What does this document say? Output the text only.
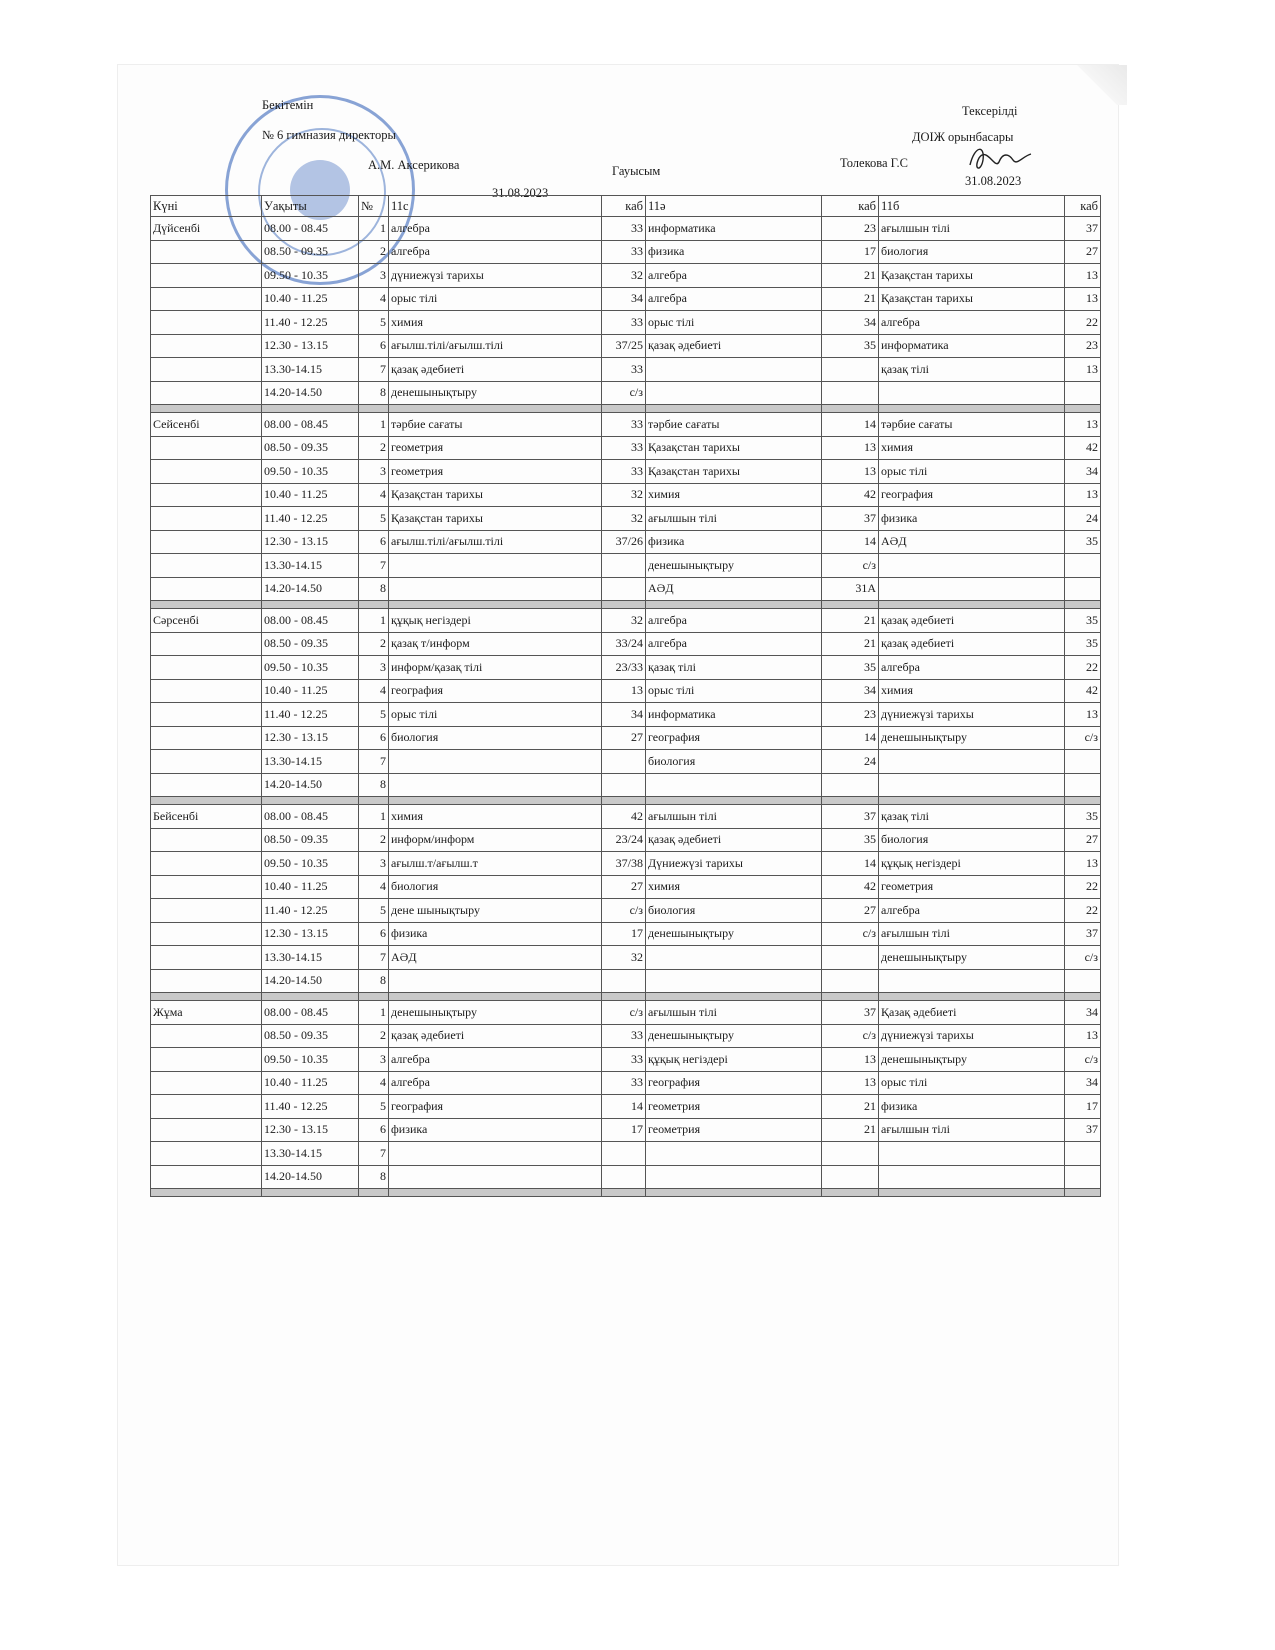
Бекітемін
№ 6 гимназия директоры
А.М. Аксерикова
31.08.2023
Гауысым
Тексерілді
ДОІЖ орынбасары
Толекова Г.С
31.08.2023
Күні	Уақыты	№	11с	каб	11ә	каб	11б	каб
Дүйсенбі	08.00 - 08.45	1	алгебра	33	информатика	23	ағылшын тілі	37
	08.50 - 09.35	2	алгебра	33	физика	17	биология	27
	09.50 - 10.35	3	дүниежүзі тарихы	32	алгебра	21	Қазақстан тарихы	13
	10.40 - 11.25	4	орыс тілі	34	алгебра	21	Қазақстан тарихы	13
	11.40 - 12.25	5	химия	33	орыс тілі	34	алгебра	22
	12.30 - 13.15	6	ағылш.тілі/ағылш.тілі	37/25	қазақ әдебиеті	35	информатика	23
	13.30-14.15	7	қазақ әдебиеті	33			қазақ тілі	13
	14.20-14.50	8	денешынықтыру	с/з				

Сейсенбі	08.00 - 08.45	1	тәрбие сағаты	33	тәрбие сағаты	14	тәрбие сағаты	13
	08.50 - 09.35	2	геометрия	33	Қазақстан тарихы	13	химия	42
	09.50 - 10.35	3	геометрия	33	Қазақстан тарихы	13	орыс тілі	34
	10.40 - 11.25	4	Қазақстан тарихы	32	химия	42	география	13
	11.40 - 12.25	5	Қазақстан тарихы	32	ағылшын тілі	37	физика	24
	12.30 - 13.15	6	ағылш.тілі/ағылш.тілі	37/26	физика	14	АӘД	35
	13.30-14.15	7			денешынықтыру	с/з		
	14.20-14.50	8			АӘД	31А		

Сәрсенбі	08.00 - 08.45	1	құқық негіздері	32	алгебра	21	қазақ әдебиеті	35
	08.50 - 09.35	2	қазақ т/информ	33/24	алгебра	21	қазақ әдебиеті	35
	09.50 - 10.35	3	информ/қазақ тілі	23/33	қазақ тілі	35	алгебра	22
	10.40 - 11.25	4	география	13	орыс тілі	34	химия	42
	11.40 - 12.25	5	орыс тілі	34	информатика	23	дүниежүзі тарихы	13
	12.30 - 13.15	6	биология	27	география	14	денешынықтыру	с/з
	13.30-14.15	7			биология	24		
	14.20-14.50	8						

Бейсенбі	08.00 - 08.45	1	химия	42	ағылшын тілі	37	қазақ тілі	35
	08.50 - 09.35	2	информ/информ	23/24	қазақ әдебиеті	35	биология	27
	09.50 - 10.35	3	ағылш.т/ағылш.т	37/38	Дүниежүзі тарихы	14	құқық негіздері	13
	10.40 - 11.25	4	биология	27	химия	42	геометрия	22
	11.40 - 12.25	5	дене шынықтыру	с/з	биология	27	алгебра	22
	12.30 - 13.15	6	физика	17	денешынықтыру	с/з	ағылшын тілі	37
	13.30-14.15	7	АӘД	32			денешынықтыру	с/з
	14.20-14.50	8						

Жұма	08.00 - 08.45	1	денешынықтыру	с/з	ағылшын тілі	37	Қазақ әдебиеті	34
	08.50 - 09.35	2	қазақ әдебиеті	33	денешынықтыру	с/з	дүниежүзі тарихы	13
	09.50 - 10.35	3	алгебра	33	құқық негіздері	13	денешынықтыру	с/з
	10.40 - 11.25	4	алгебра	33	география	13	орыс тілі	34
	11.40 - 12.25	5	география	14	геометрия	21	физика	17
	12.30 - 13.15	6	физика	17	геометрия	21	ағылшын тілі	37
	13.30-14.15	7						
	14.20-14.50	8						
